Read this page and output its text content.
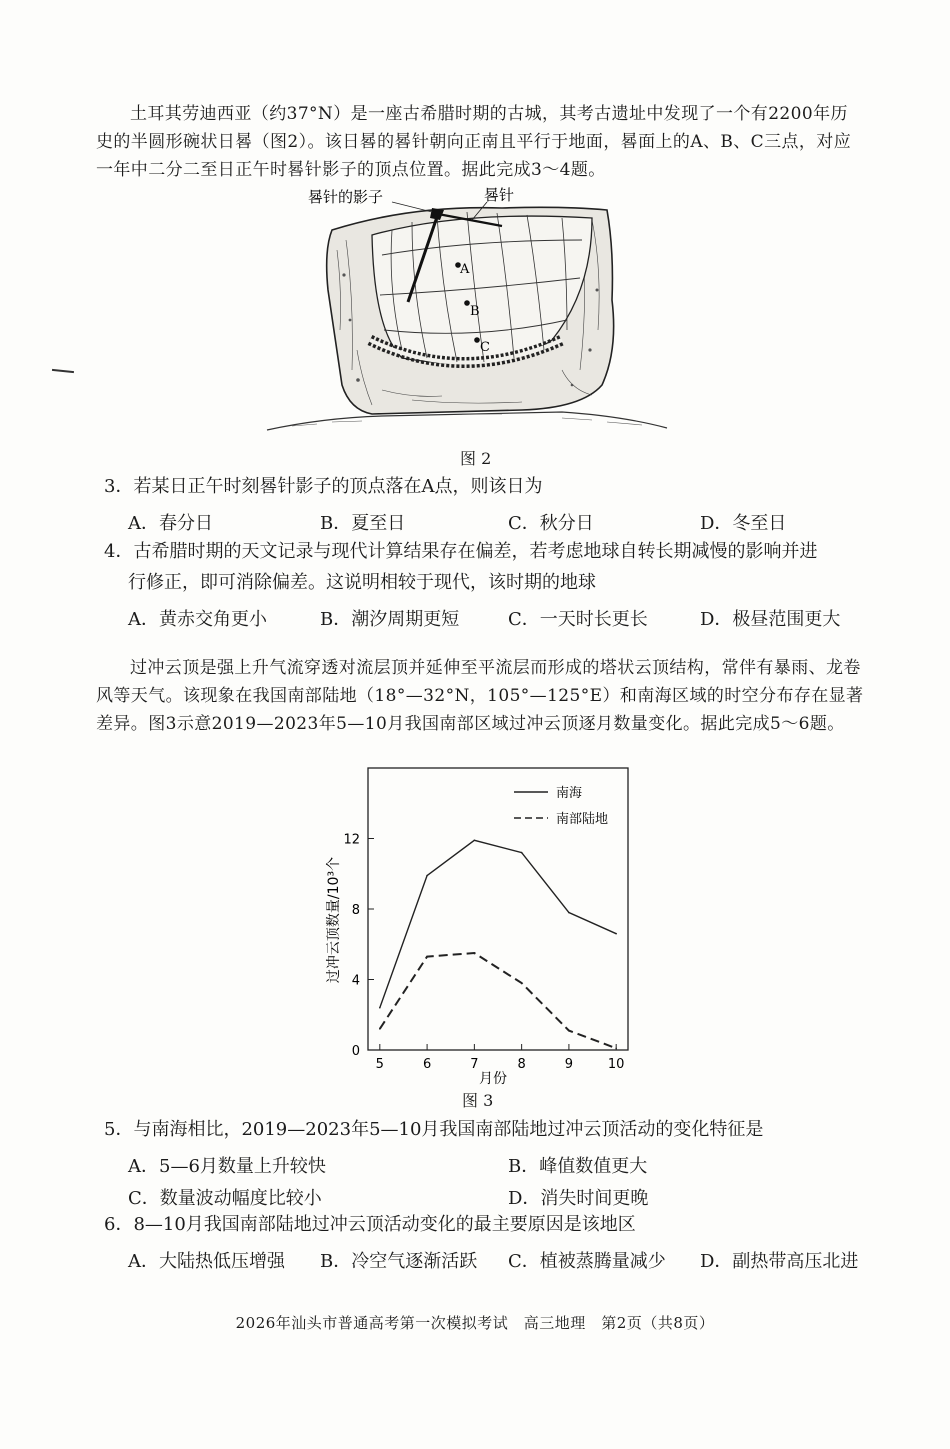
土耳其劳迪西亚（约37°N）是一座古希腊时期的古城，其考古遗址中发现了一个有2200年历史的半圆形碗状日晷（图2）。该日晷的晷针朝向正南且平行于地面，晷面上的A、B、C三点，对应一年中二分二至日正午时晷针影子的顶点位置。据此完成3～4题。
A
B
C
晷针的影子	晷针
图 2
3．若某日正午时刻晷针影子的顶点落在A点，则该日为
A．春分日	B．夏至日	C．秋分日	D．冬至日
4．古希腊时期的天文记录与现代计算结果存在偏差，若考虑地球自转长期减慢的影响并进
行修正，即可消除偏差。这说明相较于现代，该时期的地球
A．黄赤交角更小	B．潮汐周期更短	C．一天时长更长	D．极昼范围更大
过冲云顶是强上升气流穿透对流层顶并延伸至平流层而形成的塔状云顶结构，常伴有暴雨、龙卷风等天气。该现象在我国南部陆地（18°—32°N，105°—125°E）和南海区域的时空分布存在显著差异。图3示意2019—2023年5—10月我国南部区域过冲云顶逐月数量变化。据此完成5～6题。
0
4
8
12
5	6	7	8	9	10
南海
南部陆地
过冲云顶数量/10³个
月份
图 3
5．与南海相比，2019—2023年5—10月我国南部陆地过冲云顶活动的变化特征是
A．5—6月数量上升较快	B．峰值数值更大
C．数量波动幅度比较小	D．消失时间更晚
6．8—10月我国南部陆地过冲云顶活动变化的最主要原因是该地区
A．大陆热低压增强 B．冷空气逐渐活跃 C．植被蒸腾量减少 D．副热带高压北进
2026年汕头市普通高考第一次模拟考试　高三地理　第2页（共8页）
